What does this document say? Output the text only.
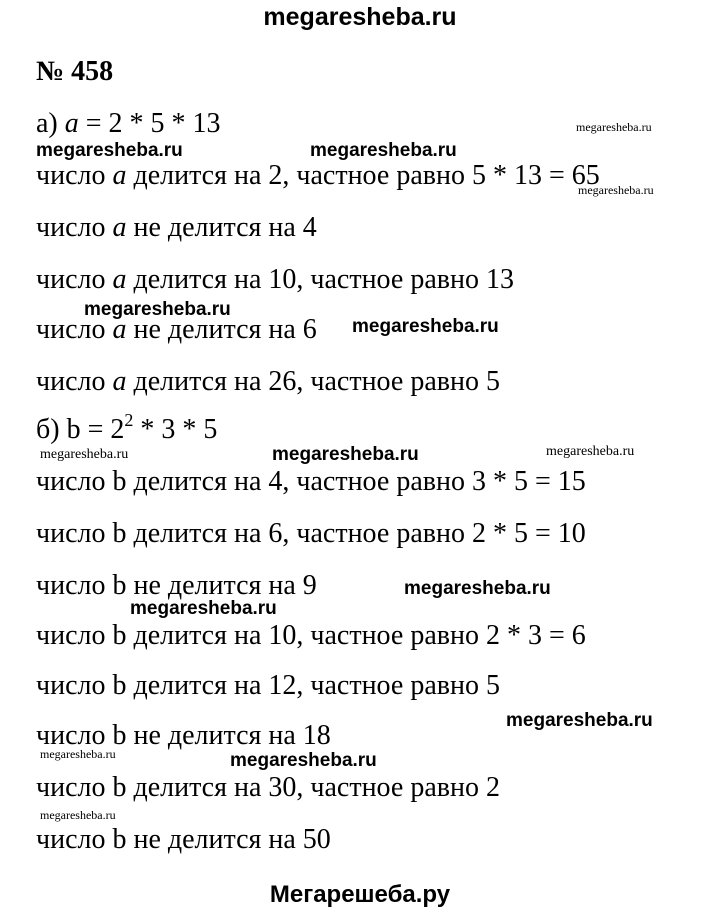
megaresheba.ru
№ 458
а) a = 2 * 5 * 13
число a делится на 2, частное равно 5 * 13 = 65
число a не делится на 4
число a делится на 10, частное равно 13
число a не делится на 6
число a делится на 26, частное равно 5
б) $b = 2^2 * 3 * 5$
число b делится на 4, частное равно 3 * 5 = 15
число b делится на 6, частное равно 2 * 5 = 10
число b не делится на 9
число b делится на 10, частное равно 2 * 3 = 6
число b делится на 12, частное равно 5
число b не делится на 18
число b делится на 30, частное равно 2
число b не делится на 50
megaresheba.ru
megaresheba.ru	megaresheba.ru
megaresheba.ru
megaresheba.ru
megaresheba.ru
megaresheba.ru	megaresheba.ru	megaresheba.ru
megaresheba.ru
megaresheba.ru
megaresheba.ru
megaresheba.ru	megaresheba.ru
megaresheba.ru
Мегарешеба.ру
